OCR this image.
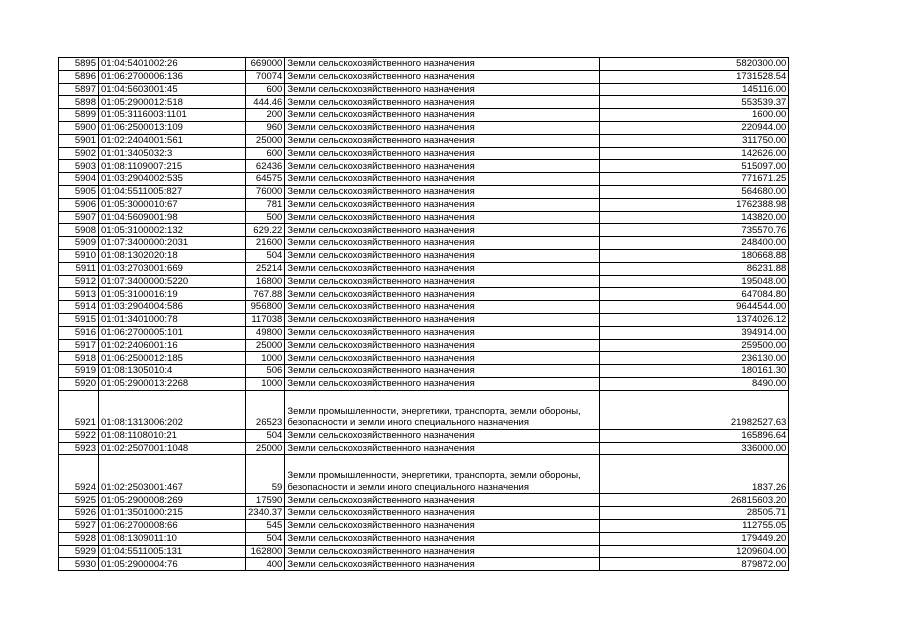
5895	01:04:5401002:26	669000	Земли сельскохозяйственного назначения	5820300.00
5896	01:06:2700006:136	70074	Земли сельскохозяйственного назначения	1731528.54
5897	01:04:5603001:45	600	Земли сельскохозяйственного назначения	145116.00
5898	01:05:2900012:518	444.46	Земли сельскохозяйственного назначения	553539.37
5899	01:05:3116003:1101	200	Земли сельскохозяйственного назначения	1600.00
5900	01:06:2500013:109	960	Земли сельскохозяйственного назначения	220944.00
5901	01:02:2404001:561	25000	Земли сельскохозяйственного назначения	311750.00
5902	01:01:3405032:3	600	Земли сельскохозяйственного назначения	142626.00
5903	01:08:1109007:215	62436	Земли сельскохозяйственного назначения	515097.00
5904	01:03:2904002:535	64575	Земли сельскохозяйственного назначения	771671.25
5905	01:04:5511005:827	76000	Земли сельскохозяйственного назначения	564680.00
5906	01:05:3000010:67	781	Земли сельскохозяйственного назначения	1762388.98
5907	01:04:5609001:98	500	Земли сельскохозяйственного назначения	143820.00
5908	01:05:3100002:132	629.22	Земли сельскохозяйственного назначения	735570.76
5909	01:07:3400000:2031	21600	Земли сельскохозяйственного назначения	248400.00
5910	01:08:1302020:18	504	Земли сельскохозяйственного назначения	180668.88
5911	01:03:2703001:669	25214	Земли сельскохозяйственного назначения	86231.88
5912	01:07:3400000:5220	16800	Земли сельскохозяйственного назначения	195048.00
5913	01:05:3100016:19	767.88	Земли сельскохозяйственного назначения	647084.80
5914	01:03:2904004:586	956800	Земли сельскохозяйственного назначения	9644544.00
5915	01:01:3401000:78	117038	Земли сельскохозяйственного назначения	1374026.12
5916	01:06:2700005:101	49800	Земли сельскохозяйственного назначения	394914.00
5917	01:02:2406001:16	25000	Земли сельскохозяйственного назначения	259500.00
5918	01:06:2500012:185	1000	Земли сельскохозяйственного назначения	236130.00
5919	01:08:1305010:4	506	Земли сельскохозяйственного назначения	180161.30
5920	01:05:2900013:2268	1000	Земли сельскохозяйственного назначения	8490.00
5921	01:08:1313006:202	26523	Земли промышленности, энергетики, транспорта, земли обороны, безопасности и земли иного специального назначения	21982527.63
5922	01:08:1108010:21	504	Земли сельскохозяйственного назначения	165896.64
5923	01:02:2507001:1048	25000	Земли сельскохозяйственного назначения	336000.00
5924	01:02:2503001:467	59	Земли промышленности, энергетики, транспорта, земли обороны, безопасности и земли иного специального назначения	1837.26
5925	01:05:2900008:269	17590	Земли сельскохозяйственного назначения	26815603.20
5926	01:01:3501000:215	2340.37	Земли сельскохозяйственного назначения	28505.71
5927	01:06:2700008:66	545	Земли сельскохозяйственного назначения	112755.05
5928	01:08:1309011:10	504	Земли сельскохозяйственного назначения	179449.20
5929	01:04:5511005:131	162800	Земли сельскохозяйственного назначения	1209604.00
5930	01:05:2900004:76	400	Земли сельскохозяйственного назначения	879872.00
